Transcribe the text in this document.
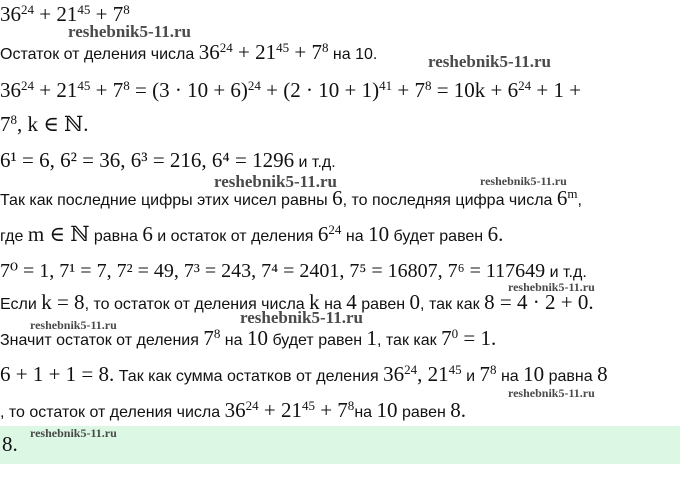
$36^{24} + 21^{45} + 7^8$
Остаток от деления числа $36^{24} + 21^{45} + 7^8$ на 10.
$36^{24} + 21^{45} + 7^8 = (3 \cdot 10 + 6)^{24} + (2 \cdot 10 + 1)^{41} + 7^8 = 10k + 6^{24} + 1$ +
$7^8$, k ∈ ℕ.
6¹ = 6, 6² = 36, 6³ = 216, 6⁴ = 1296 и т.д.
Так как последние цифры этих чисел равны 6, то последняя цифра числа 6$^m$,
где m ∈ ℕ равна 6 и остаток от деления $6^{24}$ на 10 будет равен 6.
7⁰ = 1, 7¹ = 7, 7² = 49, 7³ = 243, 7⁴ = 2401, 7⁵ = 16807, 7⁶ = 117649 и т.д.
Если k = 8, то остаток от деления числа k на 4 равен 0, так как 8 = 4 · 2 + 0.
Значит остаток от деления $7^8$ на 10 будет равен 1, так как $7^0 = 1$.
6 + 1 + 1 = 8. Так как сумма остатков от деления $36^{24}$, $21^{45}$ и $7^8$ на 10 равна 8
, то остаток от деления числа $36^{24} + 21^{45} + 7^8на$ 10 равен 8.
8.
reshebnik5-11.ru
reshebnik5-11.ru
reshebnik5-11.ru	reshebnik5-11.ru
reshebnik5-11.ru
reshebnik5-11.ru
reshebnik5-11.ru
reshebnik5-11.ru
reshebnik5-11.ru
